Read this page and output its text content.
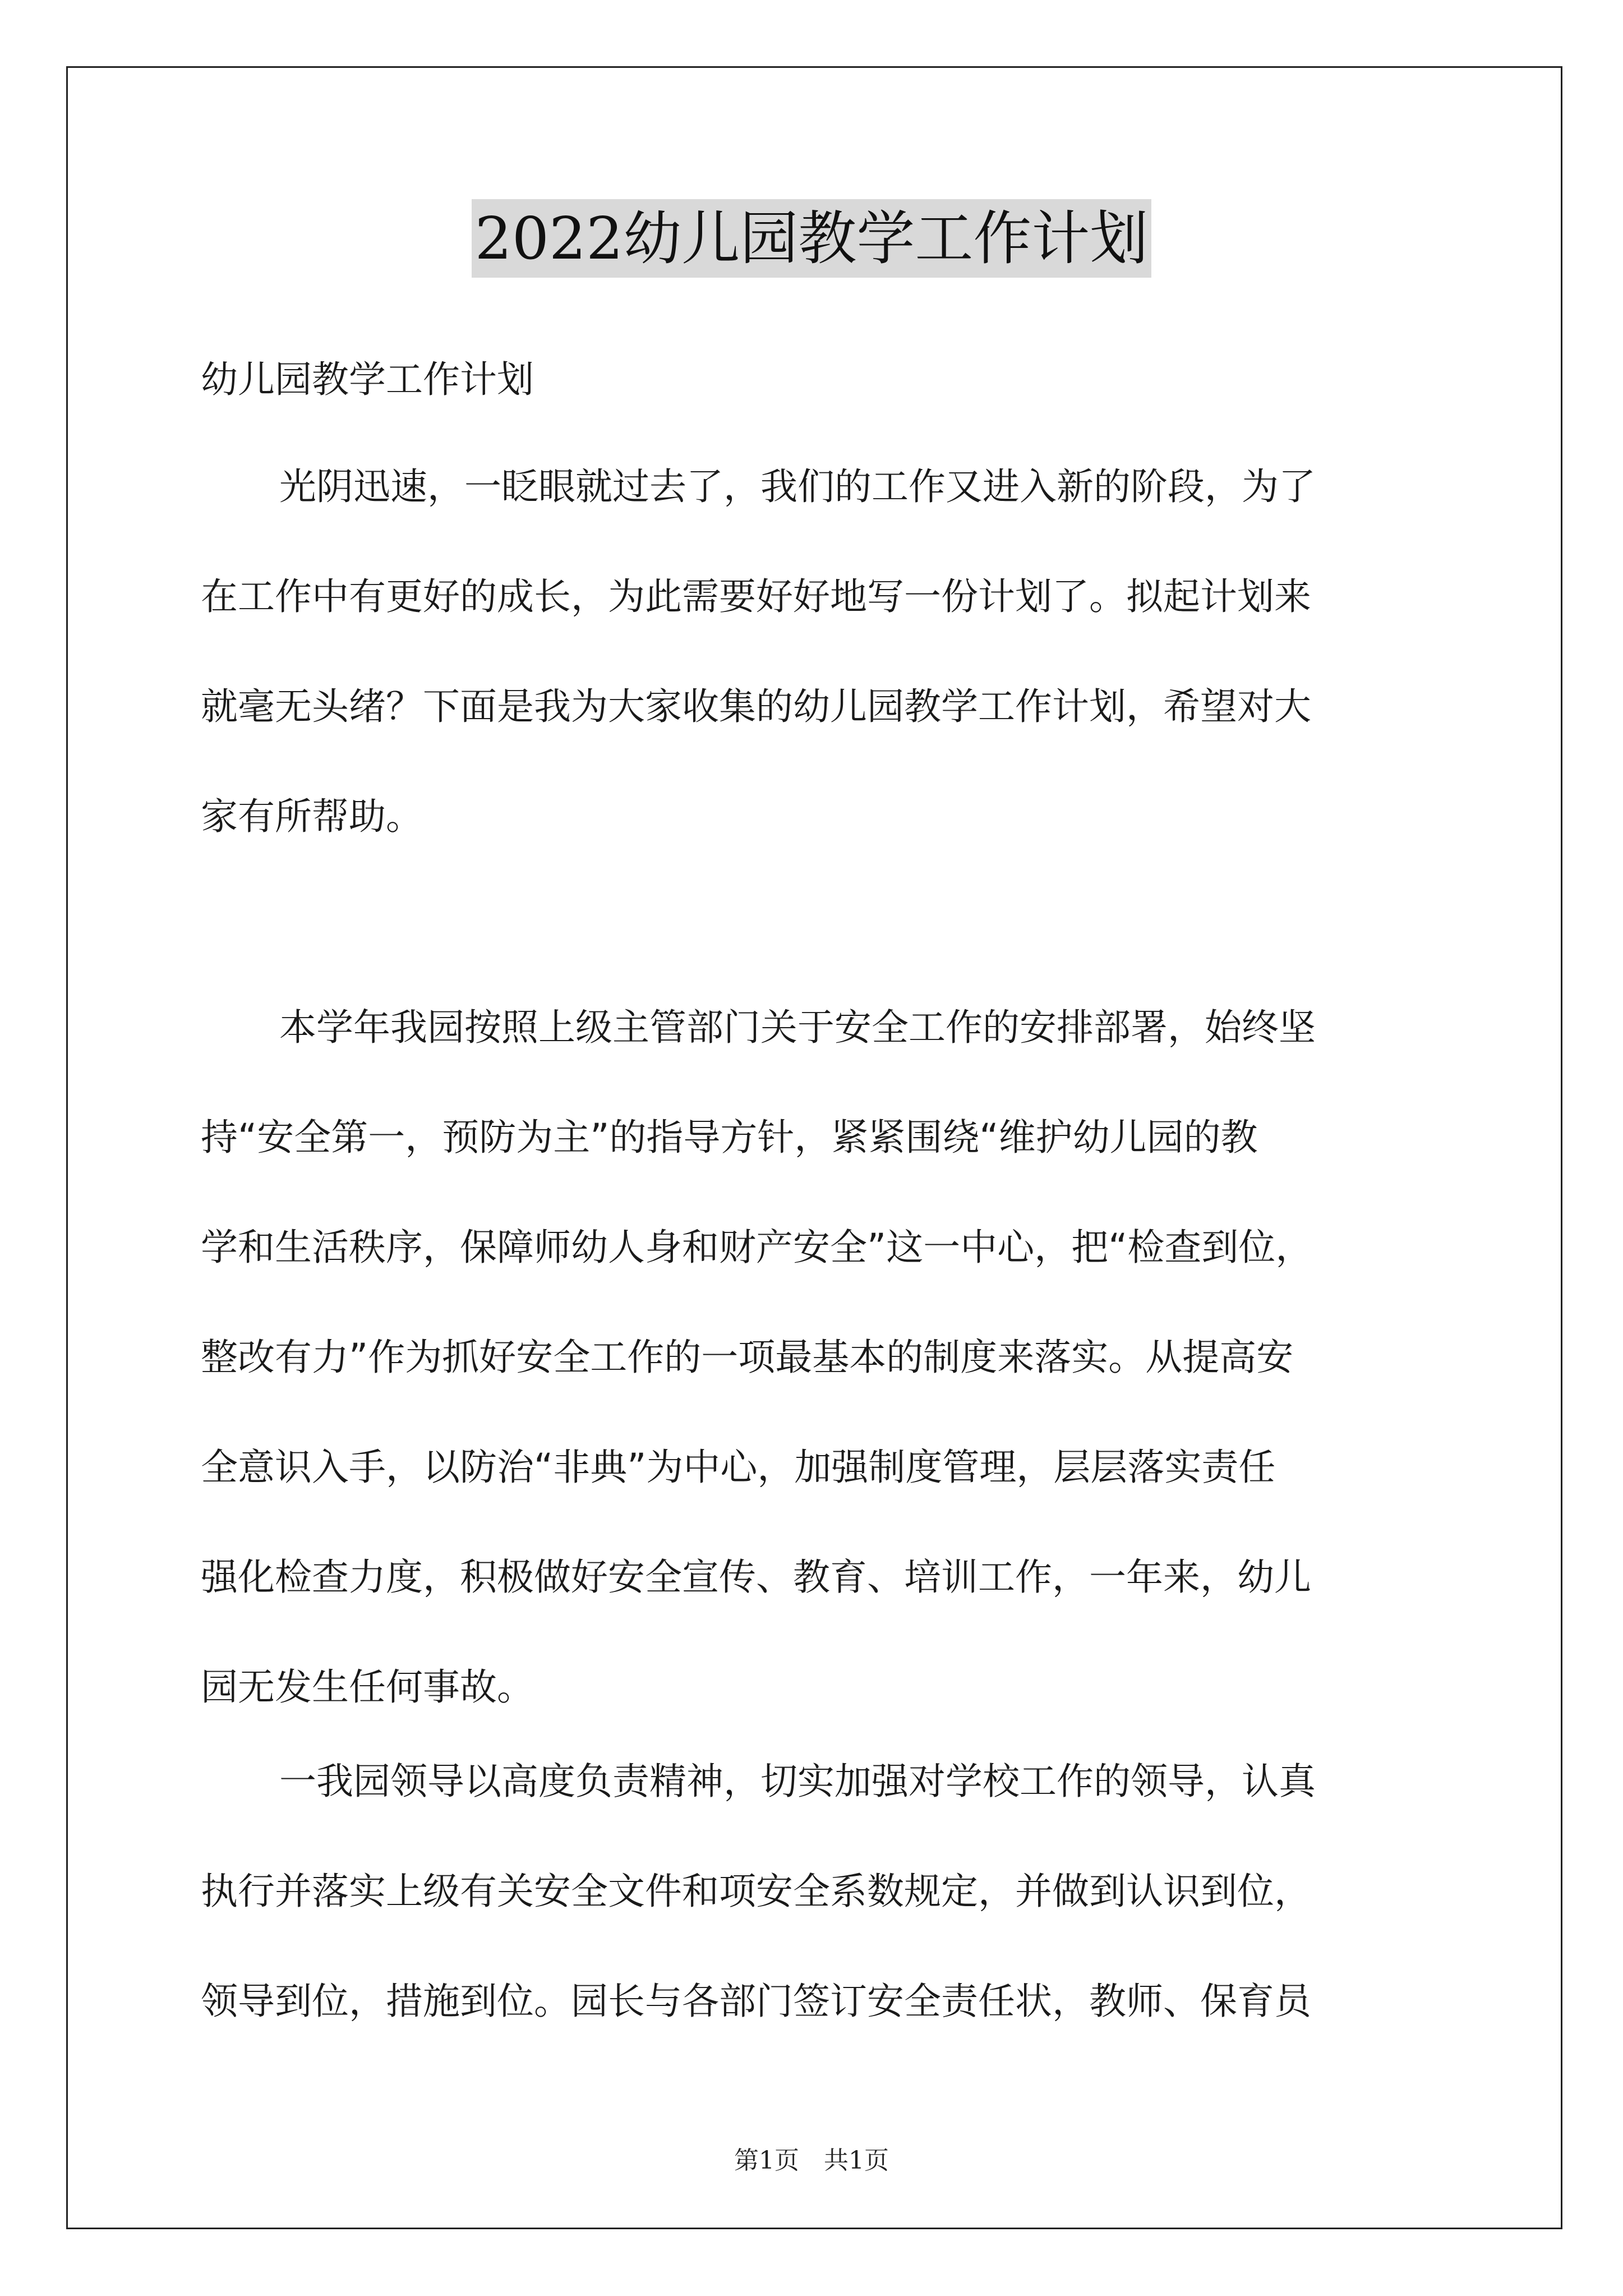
2022幼儿园教学工作计划
幼儿园教学工作计划
光阴迅速，一眨眼就过去了，我们的工作又进入新的阶段，为了
在工作中有更好的成长，为此需要好好地写一份计划了。拟起计划来
就毫无头绪？下面是我为大家收集的幼儿园教学工作计划，希望对大
家有所帮助。
本学年我园按照上级主管部门关于安全工作的安排部署，始终坚
持“安全第一，预防为主”的指导方针，紧紧围绕“维护幼儿园的教
学和生活秩序，保障师幼人身和财产安全”这一中心，把“检查到位，
整改有力”作为抓好安全工作的一项最基本的制度来落实。从提高安
全意识入手，以防治“非典”为中心，加强制度管理，层层落实责任
强化检查力度，积极做好安全宣传、教育、培训工作，一年来，幼儿
园无发生任何事故。
一我园领导以高度负责精神，切实加强对学校工作的领导，认真
执行并落实上级有关安全文件和项安全系数规定，并做到认识到位，
领导到位，措施到位。园长与各部门签订安全责任状，教师、保育员
第1页　共1页
